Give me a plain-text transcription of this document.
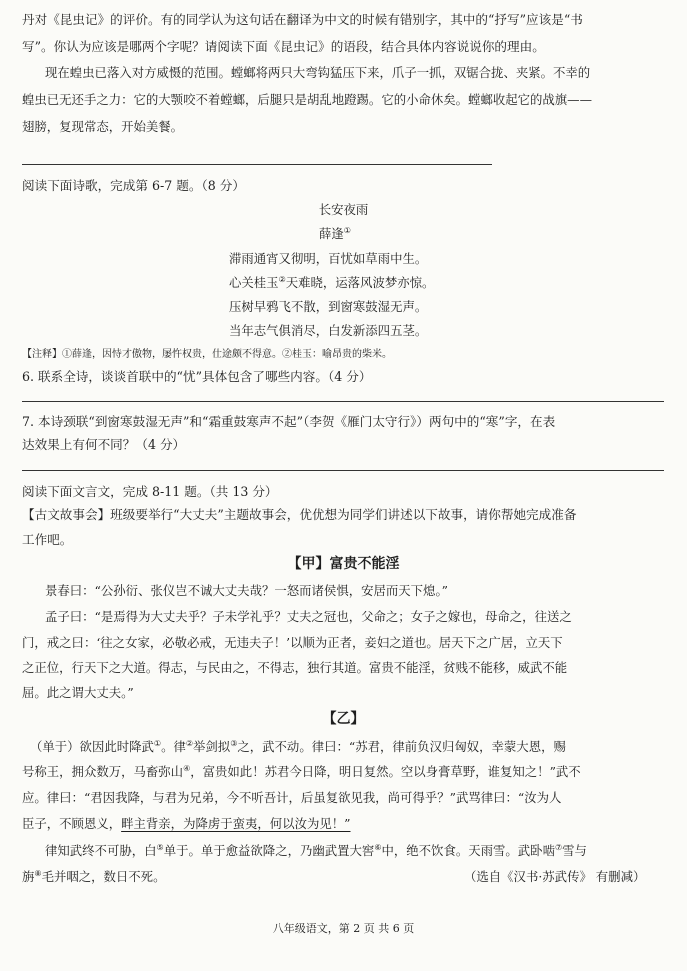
丹对《昆虫记》的评价。有的同学认为这句话在翻译为中文的时候有错别字，其中的“抒写”应该是“书
写”。你认为应该是哪两个字呢？请阅读下面《昆虫记》的语段，结合具体内容说说你的理由。
现在蝗虫已落入对方威慑的范围。螳螂将两只大弯钩猛压下来，爪子一抓，双锯合拢、夹紧。不幸的
蝗虫已无还手之力：它的大颚咬不着螳螂，后腿只是胡乱地蹬踢。它的小命休矣。螳螂收起它的战旗——
翅膀，复现常态，开始美餐。
阅读下面诗歌，完成第 6-7 题。（8 分）
长安夜雨
薛逢①
滞雨通宵又彻明，百忧如草雨中生。
心关桂玉②天难晓，运落风波梦亦惊。
压树早鸦飞不散，到窗寒鼓湿无声。
当年志气俱消尽，白发新添四五茎。
【注释】①薛逢，因恃才傲物，屡忤权贵，仕途颇不得意。②桂玉：喻昂贵的柴米。
6. 联系全诗，谈谈首联中的“忧”具体包含了哪些内容。（4 分）
7. 本诗颈联“到窗寒鼓湿无声”和“霜重鼓寒声不起”（李贺《雁门太守行》）两句中的“寒”字，在表
达效果上有何不同？（4 分）
阅读下面文言文，完成 8-11 题。（共 13 分）
【古文故事会】班级要举行“大丈夫”主题故事会，优优想为同学们讲述以下故事，请你帮她完成准备
工作吧。
【甲】富贵不能淫
景春曰：“公孙衍、张仪岂不诚大丈夫哉？一怒而诸侯惧，安居而天下熄。”
孟子曰：“是焉得为大丈夫乎？子未学礼乎？丈夫之冠也，父命之；女子之嫁也，母命之，往送之
门，戒之曰：‘往之女家，必敬必戒，无违夫子！’以顺为正者，妾妇之道也。居天下之广居，立天下
之正位，行天下之大道。得志，与民由之，不得志，独行其道。富贵不能淫，贫贱不能移，威武不能
屈。此之谓大丈夫。”
【乙】
（单于）欲因此时降武①。律②举剑拟③之，武不动。律曰：“苏君，律前负汉归匈奴，幸蒙大恩，赐
号称王，拥众数万，马畜弥山④，富贵如此！苏君今日降，明日复然。空以身膏草野，谁复知之！”武不
应。律曰：“君因我降，与君为兄弟，今不听吾计，后虽复欲见我，尚可得乎？”武骂律曰：“汝为人
臣子，不顾恩义，畔主背亲，为降虏于蛮夷，何以汝为见！”
律知武终不可胁，白⑤单于。单于愈益欲降之，乃幽武置大窖⑥中，绝不饮食。天雨雪。武卧啮⑦雪与
旃⑧毛并咽之，数日不死。	（选自《汉书·苏武传》 有删减）
八年级语文，第 2 页 共 6 页
